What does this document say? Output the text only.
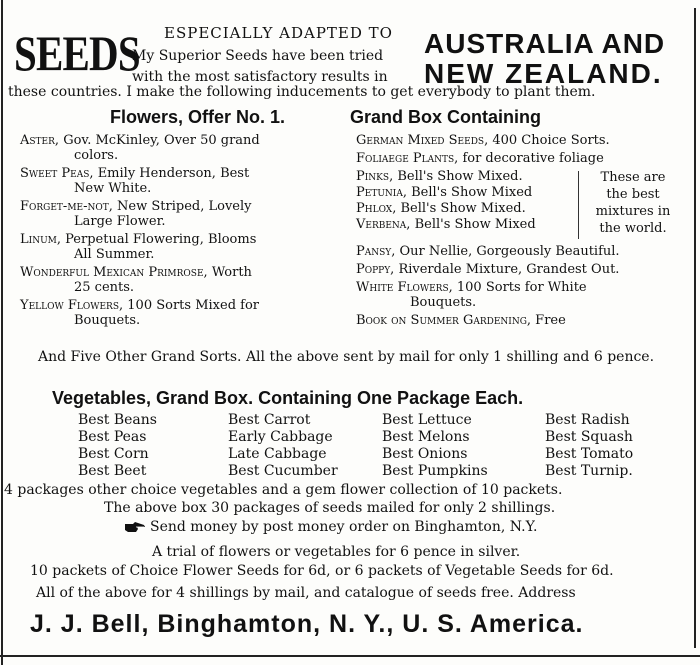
SEEDS ESPECIALLY ADAPTED TO
My Superior Seeds have been tried
with the most satisfactory results in
AUSTRALIA AND
NEW ZEALAND.
these countries. I make the following inducements to get everybody to plant them.
Flowers, Offer No. 1.	Grand Box Containing
Aster, Gov. McKinley, Over 50 grand
colors.
Sweet Peas, Emily Henderson, Best
New White.
Forget-me-not, New Striped, Lovely
Large Flower.
Linum, Perpetual Flowering, Blooms
All Summer.
Wonderful Mexican Primrose, Worth
25 cents.
Yellow Flowers, 100 Sorts Mixed for
Bouquets.
German Mixed Seeds, 400 Choice Sorts.
Foliaege Plants, for decorative foliage
Pinks, Bell's Show Mixed.
Petunia, Bell's Show Mixed
Phlox, Bell's Show Mixed.
Verbena, Bell's Show Mixed
These are the best mixtures in the world.
Pansy, Our Nellie, Gorgeously Beautiful.
Poppy, Riverdale Mixture, Grandest Out.
White Flowers, 100 Sorts for White
Bouquets.
Book on Summer Gardening, Free
And Five Other Grand Sorts. All the above sent by mail for only 1 shilling and 6 pence.
Vegetables, Grand Box. Containing One Package Each.
Best Beans
Best Peas
Best Corn
Best Beet
Best Carrot
Early Cabbage
Late Cabbage
Best Cucumber
Best Lettuce
Best Melons
Best Onions
Best Pumpkins
Best Radish
Best Squash
Best Tomato
Best Turnip.
4 packages other choice vegetables and a gem flower collection of 10 packets.
The above box 30 packages of seeds mailed for only 2 shillings.
Send money by post money order on Binghamton, N.Y.
A trial of flowers or vegetables for 6 pence in silver.
10 packets of Choice Flower Seeds for 6d, or 6 packets of Vegetable Seeds for 6d.
All of the above for 4 shillings by mail, and catalogue of seeds free. Address
J. J. Bell, Binghamton, N. Y., U. S. America.
